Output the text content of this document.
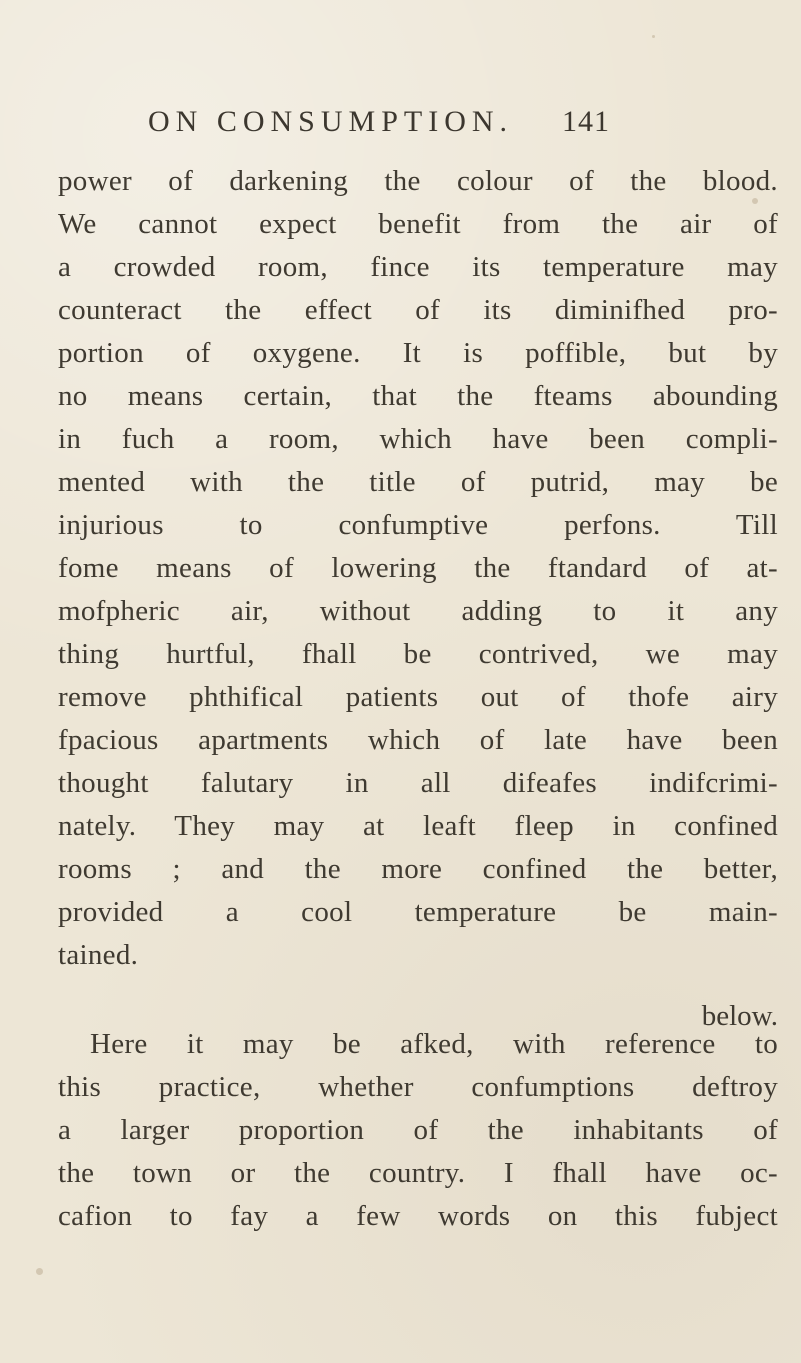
ON CONSUMPTION. 141
power of darkening the colour of the blood.
We cannot expect benefit from the air of
a crowded room, fince its temperature may
counteract the effect of its diminifhed pro-
portion of oxygene. It is poffible, but by
no means certain, that the fteams abounding
in fuch a room, which have been compli-
mented with the title of putrid, may be
injurious to confumptive perfons. Till
fome means of lowering the ftandard of at-
mofpheric air, without adding to it any
thing hurtful, fhall be contrived, we may
remove phthifical patients out of thofe airy
fpacious apartments which of late have been
thought falutary in all difeafes indifcrimi-
nately. They may at leaft fleep in confined
rooms ; and the more confined the better,
provided a cool temperature be main-
tained.
Here it may be afked, with reference to
this practice, whether confumptions deftroy
a larger proportion of the inhabitants of
the town or the country. I fhall have oc-
cafion to fay a few words on this fubject
below.
